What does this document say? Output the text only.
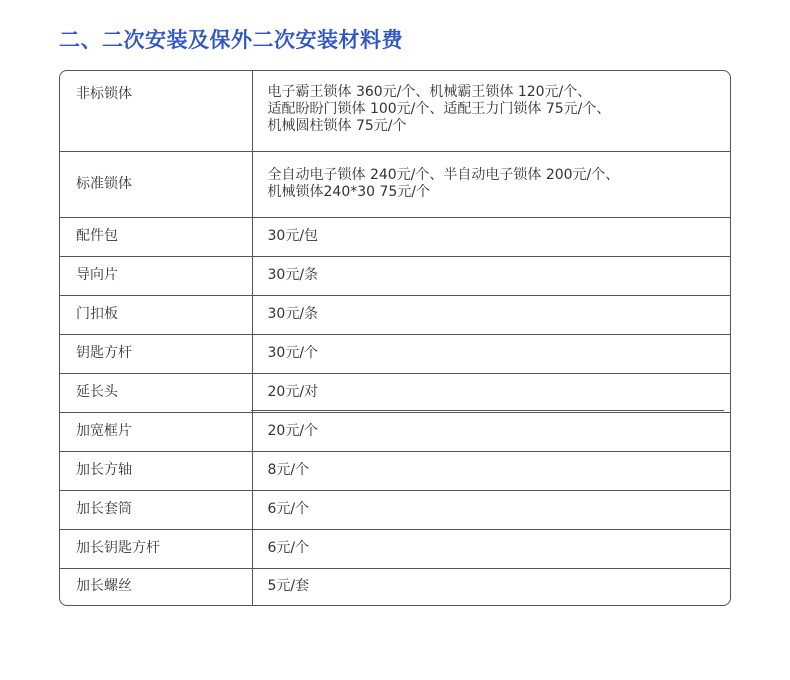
二、二次安装及保外二次安装材料费
非标锁体	电子霸王锁体 360元/个、机械霸王锁体 120元/个、
适配盼盼门锁体 100元/个、适配王力门锁体 75元/个、
机械圆柱锁体 75元/个

标准锁体	全自动电子锁体 240元/个、半自动电子锁体 200元/个、
机械锁体240*30 75元/个

配件包	30元/包
导向片	30元/条
门扣板	30元/条
钥匙方杆	30元/个
延长头	20元/对
加宽框片	20元/个
加长方轴	8元/个
加长套筒	6元/个
加长钥匙方杆	6元/个
加长螺丝	5元/套
